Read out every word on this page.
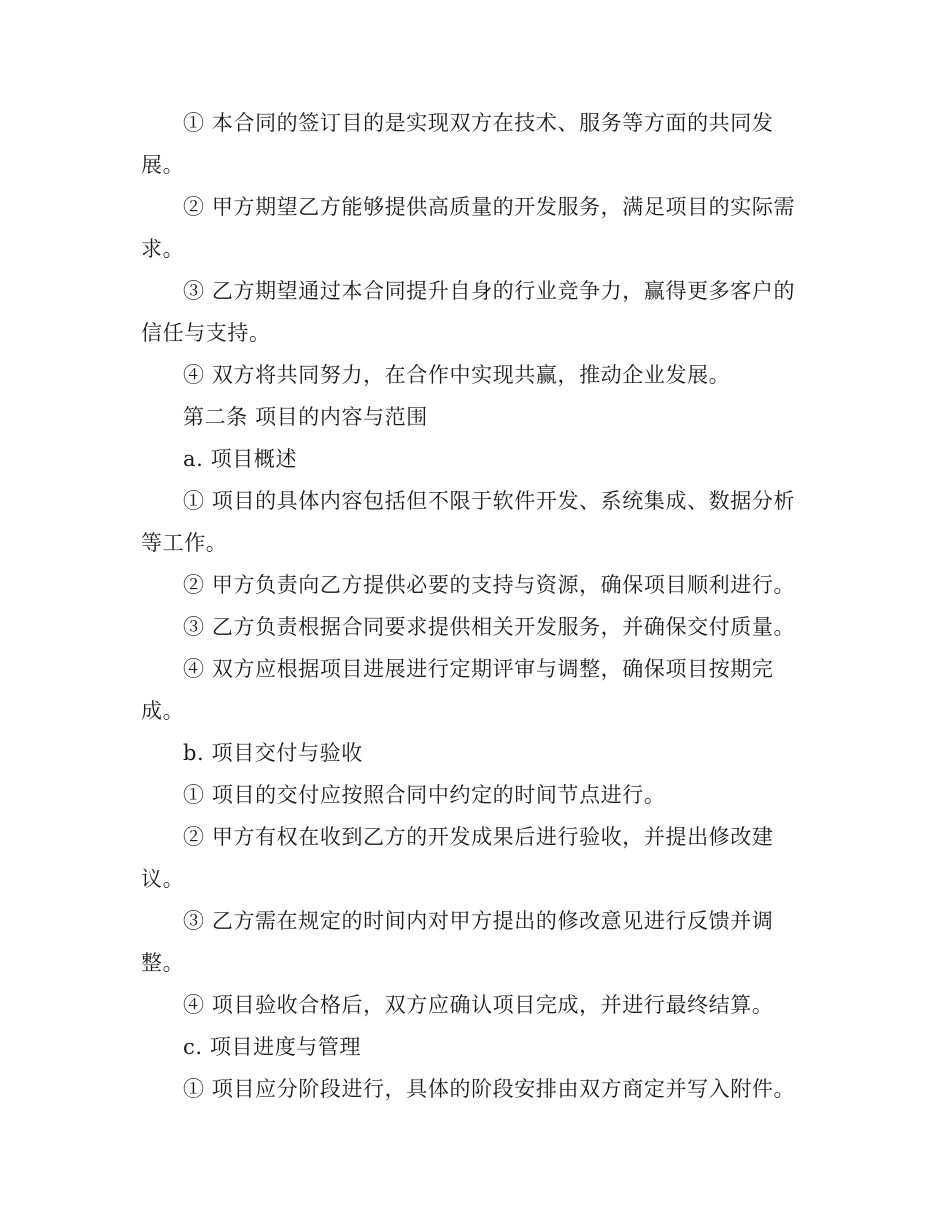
① 本合同的签订目的是实现双方在技术、服务等方面的共同发展。

② 甲方期望乙方能够提供高质量的开发服务，满足项目的实际需求。

③ 乙方期望通过本合同提升自身的行业竞争力，赢得更多客户的信任与支持。

④ 双方将共同努力，在合作中实现共赢，推动企业发展。

第二条 项目的内容与范围

a. 项目概述

① 项目的具体内容包括但不限于软件开发、系统集成、数据分析等工作。

② 甲方负责向乙方提供必要的支持与资源，确保项目顺利进行。

③ 乙方负责根据合同要求提供相关开发服务，并确保交付质量。

④ 双方应根据项目进展进行定期评审与调整，确保项目按期完成。

b. 项目交付与验收

① 项目的交付应按照合同中约定的时间节点进行。

② 甲方有权在收到乙方的开发成果后进行验收，并提出修改建议。

③ 乙方需在规定的时间内对甲方提出的修改意见进行反馈并调整。

④ 项目验收合格后，双方应确认项目完成，并进行最终结算。

c. 项目进度与管理

① 项目应分阶段进行，具体的阶段安排由双方商定并写入附件。
